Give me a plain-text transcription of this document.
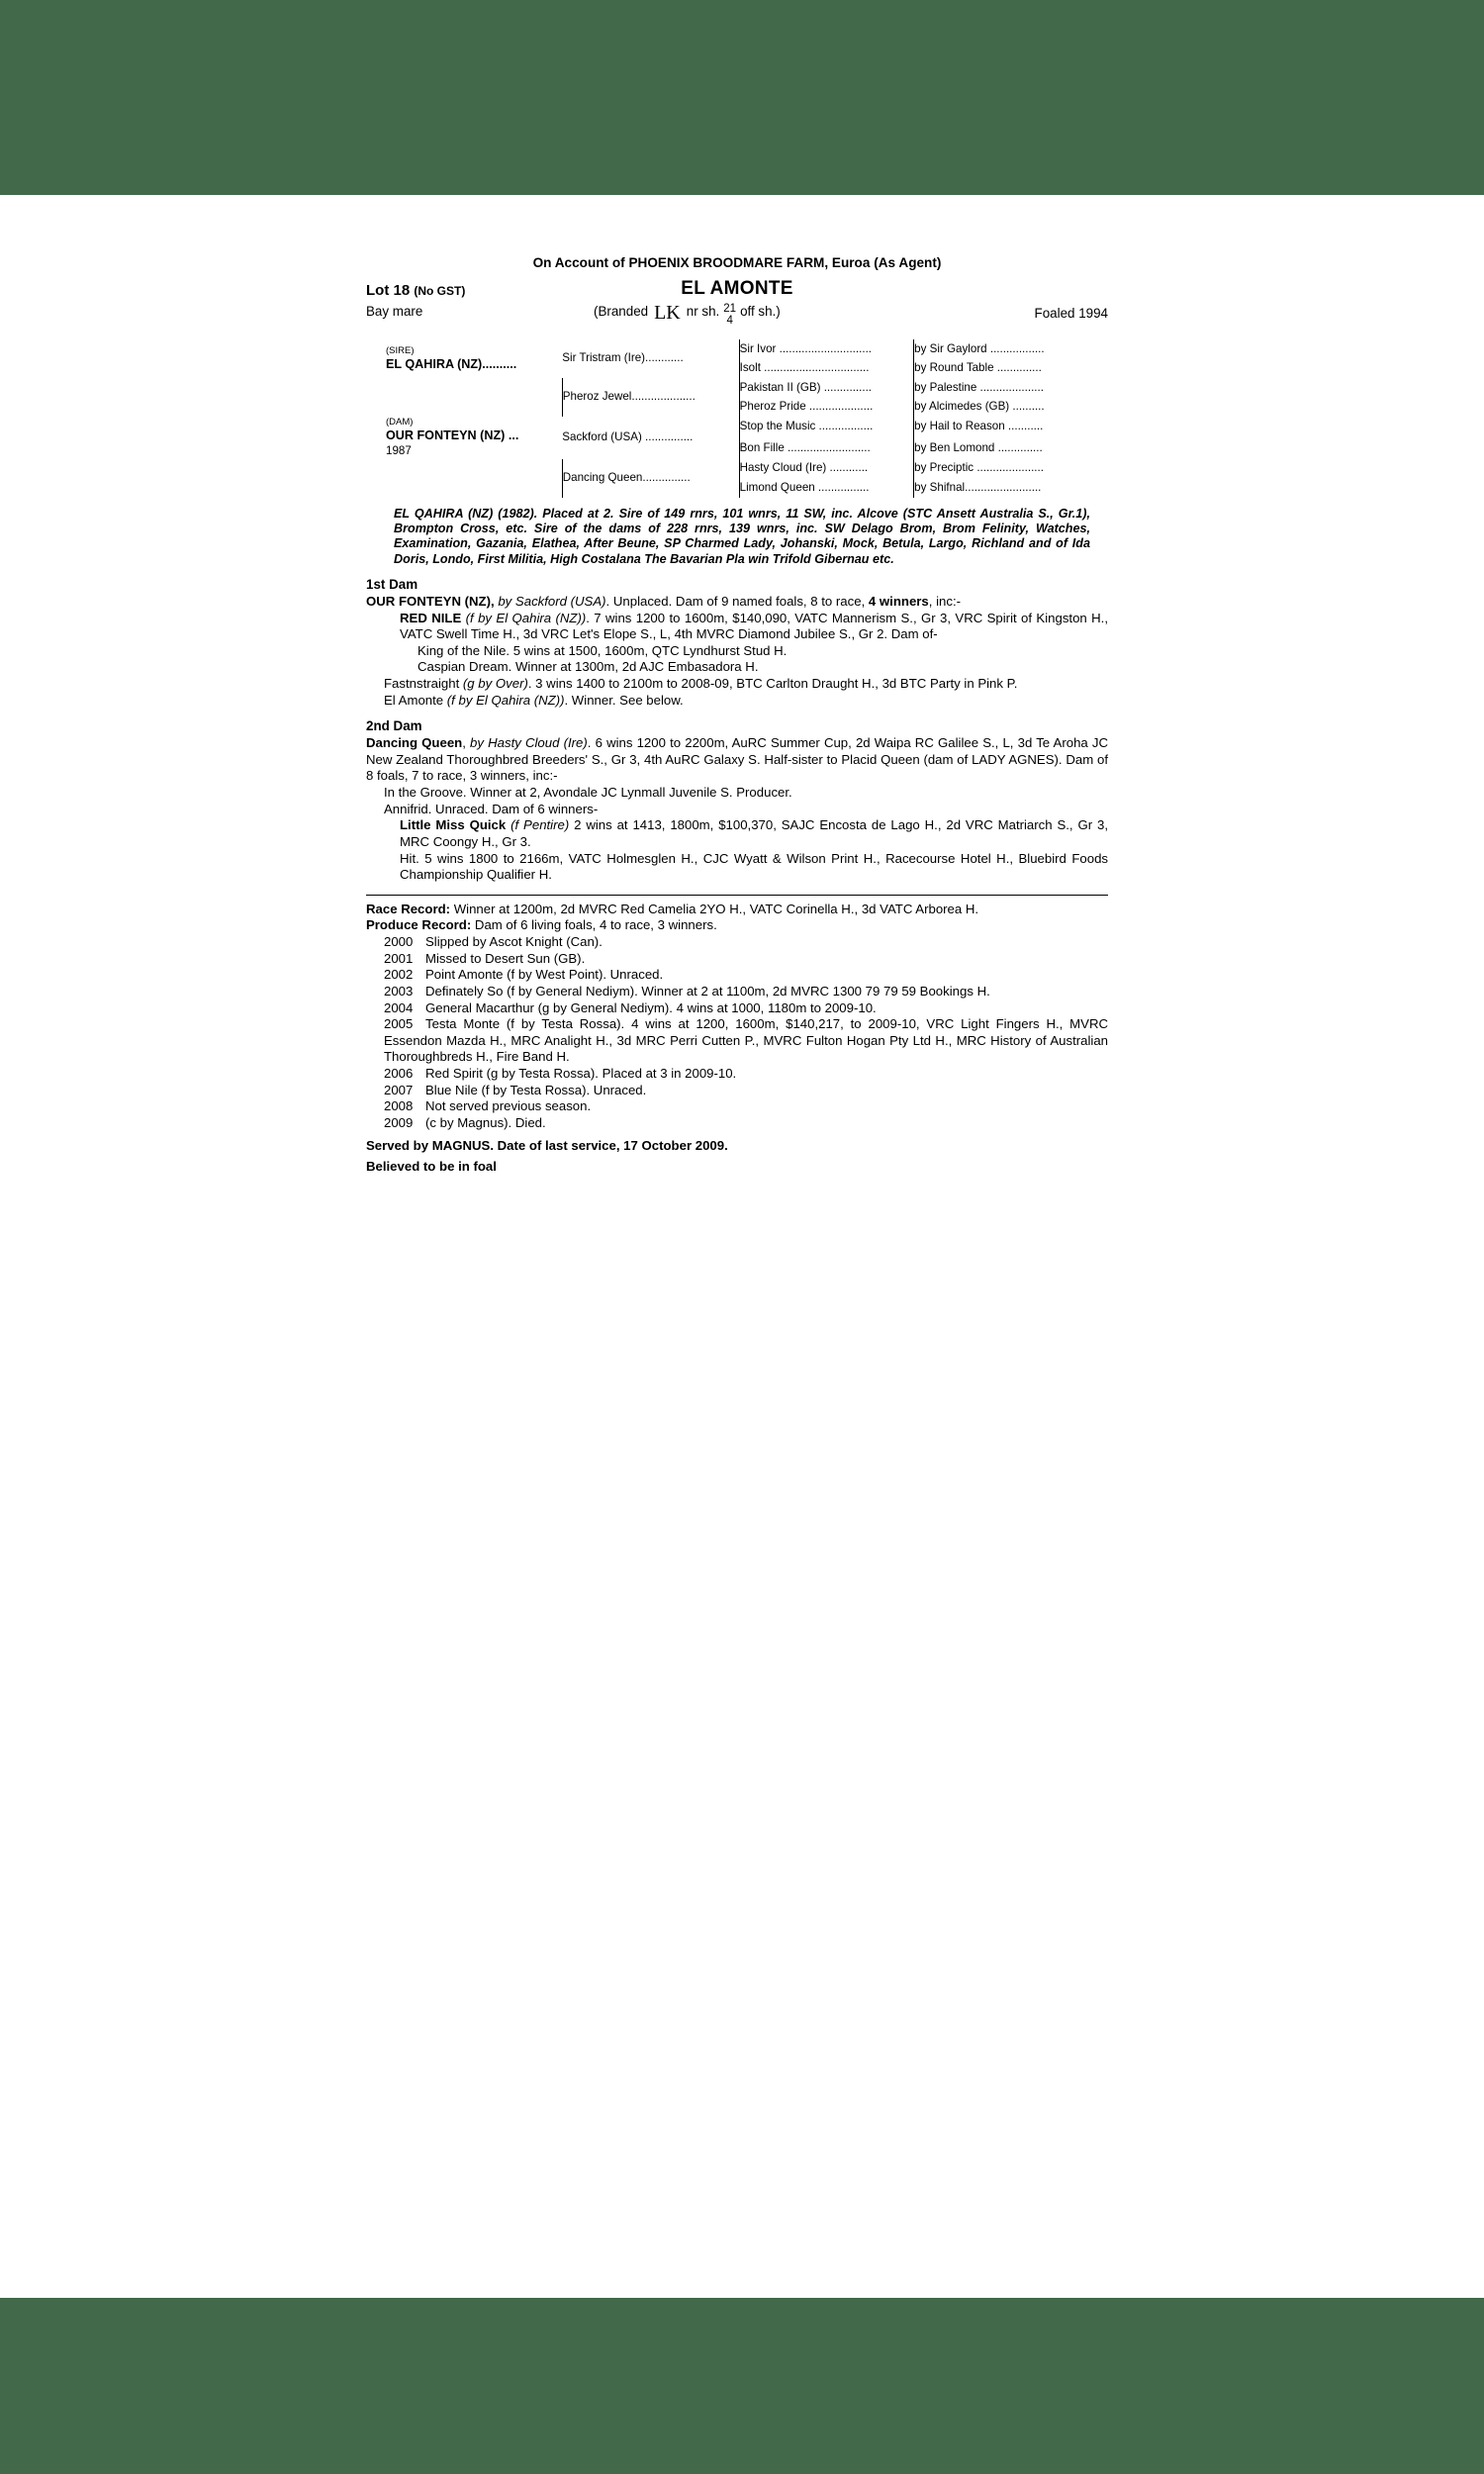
On Account of PHOENIX BROODMARE FARM, Euroa (As Agent)
Lot 18 (No GST)	EL AMONTE
Bay mare	(Branded LK nr sh. 21
4
off sh.)	Foaled 1994
(SIRE)
EL QAHIRA (NZ)..........	Sir Tristram (Ire)............	Sir Ivor .............................	by Sir Gaylord .................
		Isolt .................................	by Round Table ..............
	Pheroz Jewel....................	Pakistan II (GB) ...............	by Palestine ....................
		Pheroz Pride ....................	by Alcimedes (GB) ..........

(DAM)
OUR FONTEYN (NZ) ...
1987	Sackford (USA) ...............	Stop the Music .................	by Hail to Reason ...........
		Bon Fille ..........................	by Ben Lomond ..............
	Dancing Queen...............	Hasty Cloud (Ire) ............	by Preciptic .....................
		Limond Queen ................	by Shifnal........................
EL QAHIRA (NZ) (1982). Placed at 2. Sire of 149 rnrs, 101 wnrs, 11 SW, inc. Alcove (STC Ansett Australia S., Gr.1), Brompton Cross, etc. Sire of the dams of 228 rnrs, 139 wnrs, inc. SW Delago Brom, Brom Felinity, Watches, Examination, Gazania, Elathea, After Beune, SP Charmed Lady, Johanski, Mock, Betula, Largo, Richland and of Ida Doris, Londo, First Militia, High Costalana The Bavarian Pla win Trifold Gibernau etc.
1st Dam
OUR FONTEYN (NZ), by Sackford (USA). Unplaced. Dam of 9 named foals, 8 to race, 4 winners, inc:-
RED NILE (f by El Qahira (NZ)). 7 wins 1200 to 1600m, $140,090, VATC Mannerism S., Gr 3, VRC Spirit of Kingston H., VATC Swell Time H., 3d VRC Let's Elope S., L, 4th MVRC Diamond Jubilee S., Gr 2. Dam of-
King of the Nile. 5 wins at 1500, 1600m, QTC Lyndhurst Stud H.
Caspian Dream. Winner at 1300m, 2d AJC Embasadora H.
Fastnstraight (g by Over). 3 wins 1400 to 2100m to 2008-09, BTC Carlton Draught H., 3d BTC Party in Pink P.
El Amonte (f by El Qahira (NZ)). Winner. See below.
2nd Dam
Dancing Queen, by Hasty Cloud (Ire). 6 wins 1200 to 2200m, AuRC Summer Cup, 2d Waipa RC Galilee S., L, 3d Te Aroha JC New Zealand Thoroughbred Breeders' S., Gr 3, 4th AuRC Galaxy S. Half-sister to Placid Queen (dam of LADY AGNES). Dam of 8 foals, 7 to race, 3 winners, inc:-
In the Groove. Winner at 2, Avondale JC Lynmall Juvenile S. Producer.
Annifrid. Unraced. Dam of 6 winners-
Little Miss Quick (f Pentire) 2 wins at 1413, 1800m, $100,370, SAJC Encosta de Lago H., 2d VRC Matriarch S., Gr 3, MRC Coongy H., Gr 3.
Hit. 5 wins 1800 to 2166m, VATC Holmesglen H., CJC Wyatt & Wilson Print H., Racecourse Hotel H., Bluebird Foods Championship Qualifier H.
Race Record: Winner at 1200m, 2d MVRC Red Camelia 2YO H., VATC Corinella H., 3d VATC Arborea H.
Produce Record: Dam of 6 living foals, 4 to race, 3 winners.
2000 Slipped by Ascot Knight (Can).
2001 Missed to Desert Sun (GB).
2002 Point Amonte (f by West Point). Unraced.
2003 Definately So (f by General Nediym). Winner at 2 at 1100m, 2d MVRC 1300 79 79 59 Bookings H.
2004 General Macarthur (g by General Nediym). 4 wins at 1000, 1180m to 2009-10.
2005 Testa Monte (f by Testa Rossa). 4 wins at 1200, 1600m, $140,217, to 2009-10, VRC Light Fingers H., MVRC Essendon Mazda H., MRC Analight H., 3d MRC Perri Cutten P., MVRC Fulton Hogan Pty Ltd H., MRC History of Australian Thoroughbreds H., Fire Band H.
2006 Red Spirit (g by Testa Rossa). Placed at 3 in 2009-10.
2007 Blue Nile (f by Testa Rossa). Unraced.
2008 Not served previous season.
2009 (c by Magnus). Died.
Served by MAGNUS. Date of last service, 17 October 2009.
Believed to be in foal
